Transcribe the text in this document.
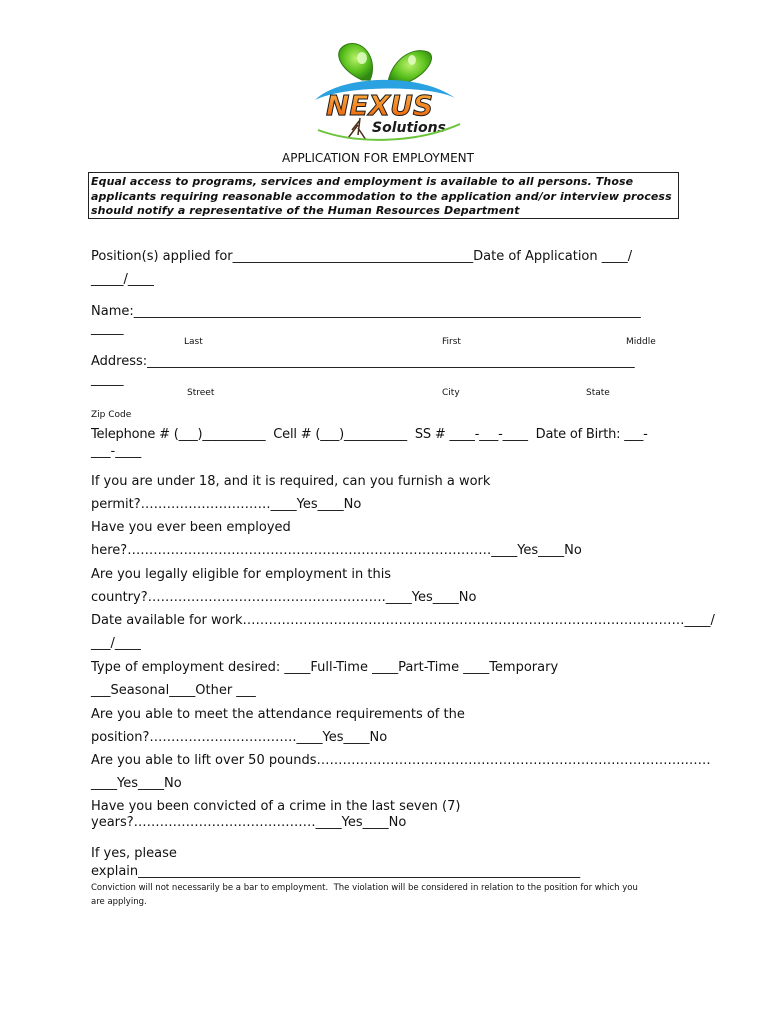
NEXUS
Solutions
APPLICATION FOR EMPLOYMENT
Equal access to programs, services and employment is available to all persons. Those applicants requiring reasonable accommodation to the application and/or interview process should notify a representative of the Human Resources Department
Position(s) applied for_____________________________________Date of Application ____/
_____/____
Name:______________________________________________________________________________
_____
Last	First	Middle
Address:___________________________________________________________________________
_____
Street	City	State
Zip Code
Telephone # (___)__________  Cell # (___)__________  SS # ____-___-____  Date of Birth: ___-
___-____
If you are under 18, and it is required, can you furnish a work
permit?…………………………____Yes____No
Have you ever been employed
here?…………………………………………………………………………____Yes____No
Are you legally eligible for employment in this
country?……………………………………………….____Yes____No
Date available for work…………………………………………………………………………………………____/
___/____
Type of employment desired: ____Full-Time ____Part-Time ____Temporary
___Seasonal____Other ___
Are you able to meet the attendance requirements of the
position?…………………………….____Yes____No
Are you able to lift over 50 pounds………………………………………………………………………….……
____Yes____No
Have you been convicted of a crime in the last seven (7)
years?……………………………………____Yes____No
If yes, please
explain____________________________________________________________________
Conviction will not necessarily be a bar to employment.  The violation will be considered in relation to the position for which you
are applying.
